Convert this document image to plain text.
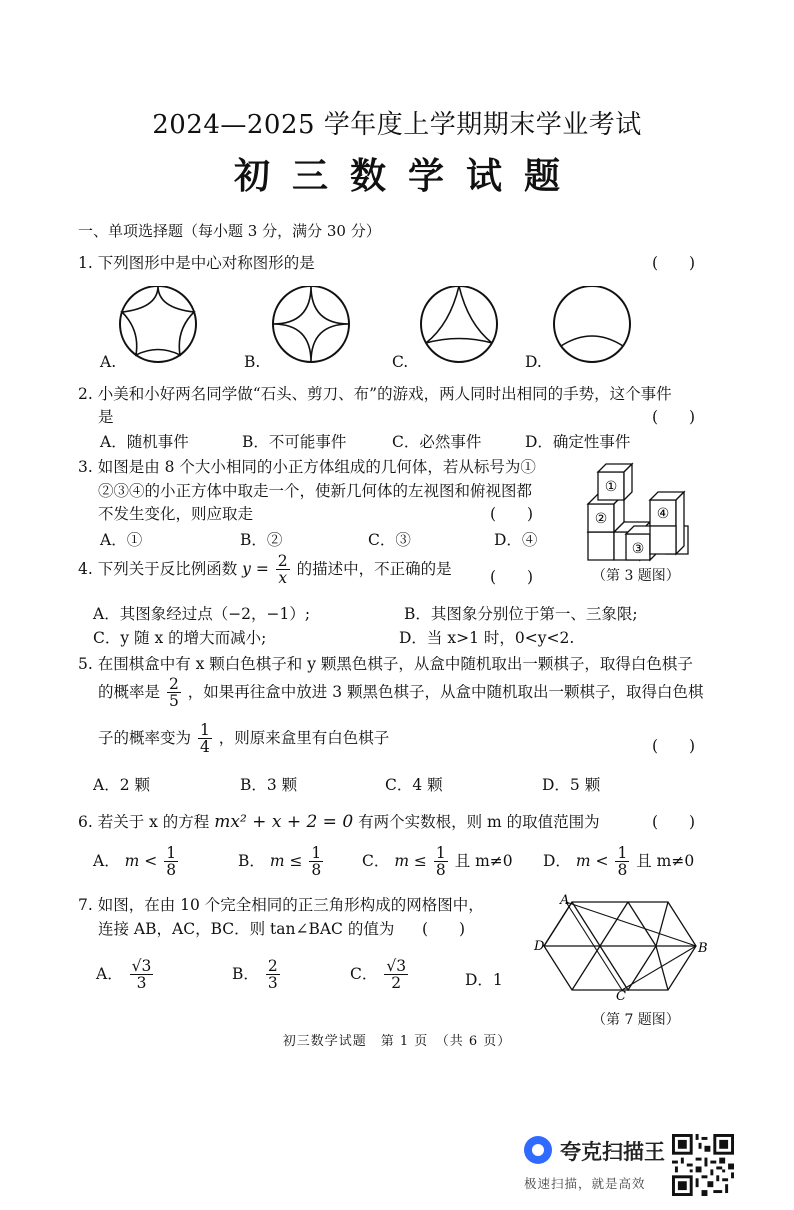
2024—2025 学年度上学期期末学业考试
初三数学试题
一、单项选择题（每小题 3 分，满分 30 分）
1. 下列图形中是中心对称图形的是	(　　)
A.	B.	C.	D.
2. 小美和小好两名同学做“石头、剪刀、布”的游戏，两人同时出相同的手势，这个事件
是	(　　)
A．随机事件	B．不可能事件	C．必然事件	D．确定性事件
3. 如图是由 8 个大小相同的小正方体组成的几何体，若从标号为①
②③④的小正方体中取走一个，使新几何体的左视图和俯视图都
不发生变化，则应取走	(　　)
A．①	B．②	C．③	D．④
①
②
③
④
（第 3 题图）
4. 下列关于反比例函数 $y = \frac{2}{x}$ 的描述中，不正确的是 (　　)
A．其图象经过点（−2，−1）;	B．其图象分别位于第一、三象限;
C．y 随 x 的增大而减小;	D．当 x>1 时，0<y<2.
5. 在围棋盒中有 x 颗白色棋子和 y 颗黑色棋子，从盒中随机取出一颗棋子，取得白色棋子
的概率是 $\frac{2}{5}$ ，如果再往盒中放进 3 颗黑色棋子，从盒中随机取出一颗棋子，取得白色棋
子的概率变为 $\frac{1}{4}$ ，则原来盒里有白色棋子	(　　)
A．2 颗	B．3 颗	C．4 颗	D．5 颗
6. 若关于 x 的方程 mx² + x + 2 = 0 有两个实数根，则 m 的取值范围为	(　　)
A． $m < \frac{1}{8}$	B． $m \le \frac{1}{8}$ C． $m \le \frac{1}{8}$ 且 m≠0 D． $m < \frac{1}{8}$ 且 m≠0
7. 如图，在由 10 个完全相同的正三角形构成的网格图中，
连接 AB，AC，BC．则 tan∠BAC 的值为 (　　)
A． $\frac{√3}{3}$	B． $\frac{2}{3}$	C． $\frac{√3}{2}$	D．1
A
B
C
D
（第 7 题图）
初三数学试题　第 1 页　（共 6 页）
夸克扫描王
极速扫描，就是高效
